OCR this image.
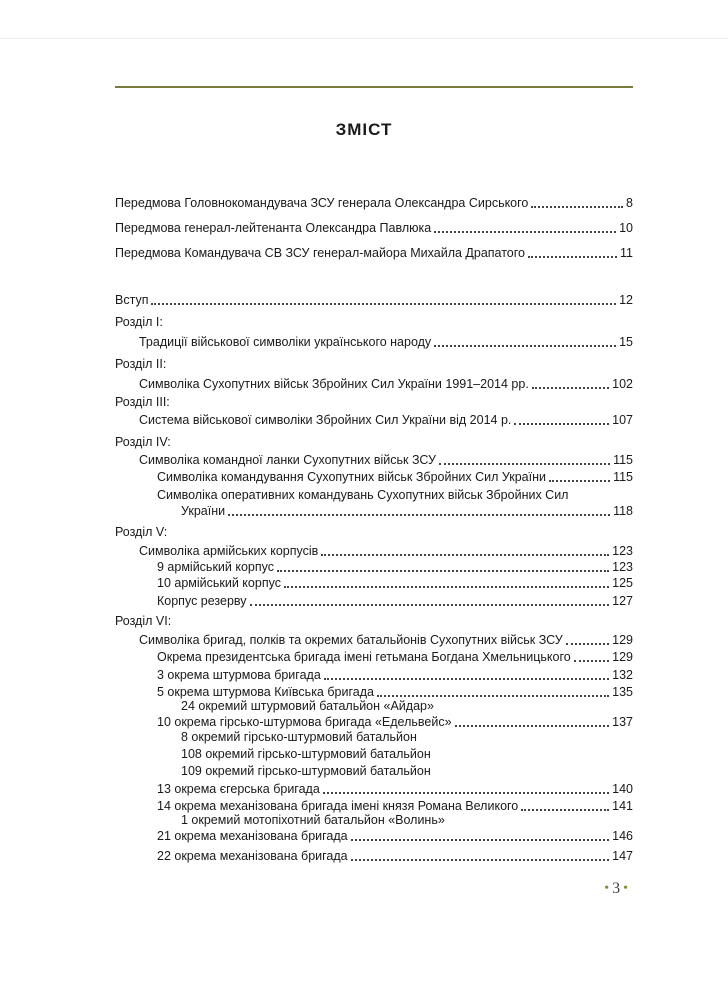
ЗМІСТ
Передмова Головнокомандувача ЗСУ генерала Олександра Сирського	8
Передмова генерал-лейтенанта Олександра Павлюка	10
Передмова Командувача СВ ЗСУ генерал-майора Михайла Драпатого	11
Вступ	12
Розділ I:
Традиції військової символіки українського народу	15
Розділ II:
Символіка Сухопутних військ Збройних Сил України 1991–2014 рр.	102
Розділ III:
Система військової символіки Збройних Сил України від 2014 р.	107
Розділ IV:
Символіка командної ланки Сухопутних військ ЗСУ	115
Символіка командування Сухопутних військ Збройних Сил України	115
Символіка оперативних командувань Сухопутних військ Збройних Сил
України	118
Розділ V:
Символіка армійських корпусів	123
9 армійський корпус	123
10 армійський корпус	125
Корпус резерву	127
Розділ VI:
Символіка бригад, полків та окремих батальйонів Сухопутних військ ЗСУ	129
Окрема президентська бригада імені гетьмана Богдана Хмельницького	129
3 окрема штурмова бригада	132
5 окрема штурмова Київська бригада	135
24 окремий штурмовий батальйон «Айдар»
10 окрема гірсько-штурмова бригада «Едельвейс»	137
8 окремий гірсько-штурмовий батальйон
108 окремий гірсько-штурмовий батальйон
109 окремий гірсько-штурмовий батальйон
13 окрема єгерська бригада	140
14 окрема механізована бригада імені князя Романа Великого	141
1 окремий мотопіхотний батальйон «Волинь»
21 окрема механізована бригада	146
22 окрема механізована бригада	147
• 3 •
